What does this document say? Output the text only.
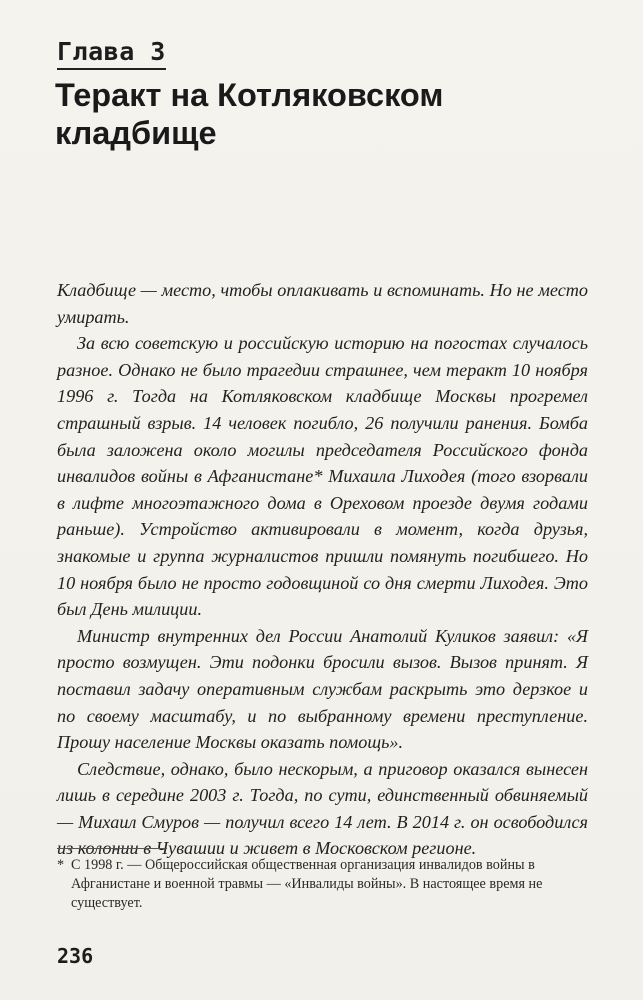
Глава 3
Теракт на Котляковском кладбище

Кладбище — место, чтобы оплакивать и вспоминать. Но не место умирать.

За всю советскую и российскую историю на погостах случалось разное. Однако не было трагедии страшнее, чем теракт 10 ноября 1996 г. Тогда на Котляковском кладбище Москвы прогремел страшный взрыв. 14 человек погибло, 26 получили ранения. Бомба была заложена около могилы председателя Российского фонда инвалидов войны в Афганистане* Михаила Лиходея (того взорвали в лифте многоэтажного дома в Ореховом проезде двумя годами раньше). Устройство активировали в момент, когда друзья, знакомые и группа журналистов пришли помянуть погибшего. Но 10 ноября было не просто годовщиной со дня смерти Лиходея. Это был День милиции.

Министр внутренних дел России Анатолий Куликов заявил: «Я просто возмущен. Эти подонки бросили вызов. Вызов принят. Я поставил задачу оперативным службам раскрыть это дерзкое и по своему масштабу, и по выбранному времени преступление. Прошу население Москвы оказать помощь».

Следствие, однако, было нескорым, а приговор оказался вынесен лишь в середине 2003 г. Тогда, по сути, единственный обвиняемый — Михаил Смуров — получил всего 14 лет. В 2014 г. он освободился из колонии в Чувашии и живет в Московском регионе.

* С 1998 г. — Общероссийская общественная организация инвалидов войны в Афганистане и военной травмы — «Инвалиды войны». В настоящее время не существует.
236
